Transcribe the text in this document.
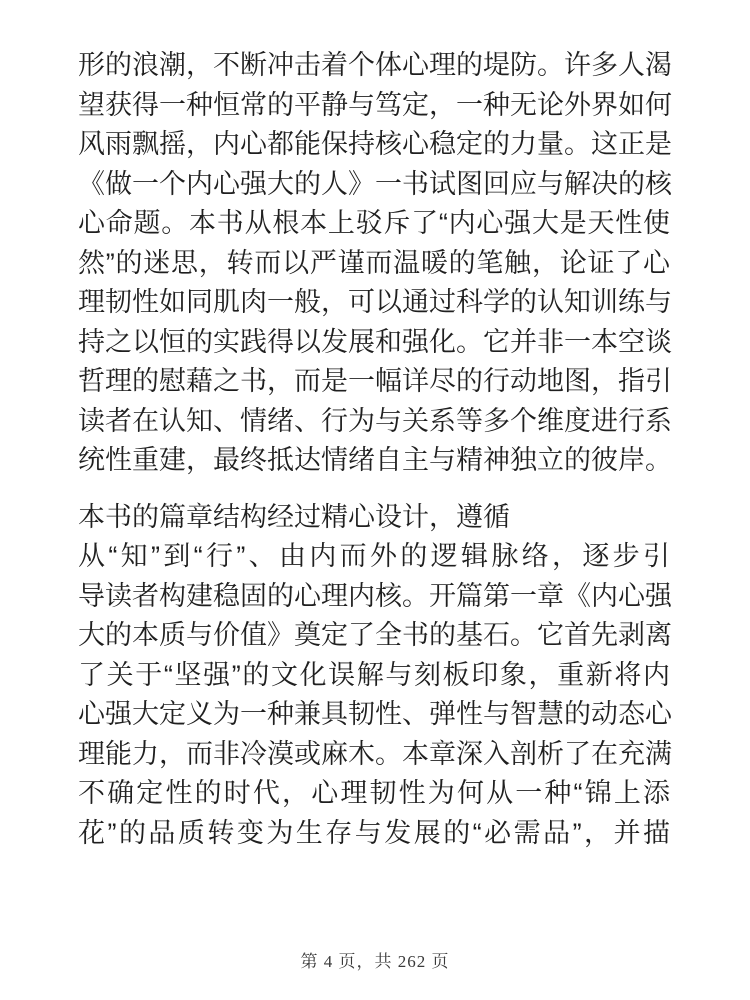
形的浪潮，不断冲击着个体心理的堤防。许多人渴
望获得一种恒常的平静与笃定，一种无论外界如何
风雨飘摇，内心都能保持核心稳定的力量。这正是
《做一个内心强大的人》一书试图回应与解决的核
心命题。本书从根本上驳斥了“内心强大是天性使
然”的迷思，转而以严谨而温暖的笔触，论证了心
理韧性如同肌肉一般，可以通过科学的认知训练与
持之以恒的实践得以发展和强化。它并非一本空谈
哲理的慰藉之书，而是一幅详尽的行动地图，指引
读者在认知、情绪、行为与关系等多个维度进行系
统性重建，最终抵达情绪自主与精神独立的彼岸。
本书的篇章结构经过精心设计，遵循
从“知”到“行”、由内而外的逻辑脉络，逐步引
导读者构建稳固的心理内核。开篇第一章《内心强
大的本质与价值》奠定了全书的基石。它首先剥离
了关于“坚强”的文化误解与刻板印象，重新将内
心强大定义为一种兼具韧性、弹性与智慧的动态心
理能力，而非冷漠或麻木。本章深入剖析了在充满
不确定性的时代，心理韧性为何从一种“锦上添
花”的品质转变为生存与发展的“必需品”，并描
第 4 页，共 262 页
